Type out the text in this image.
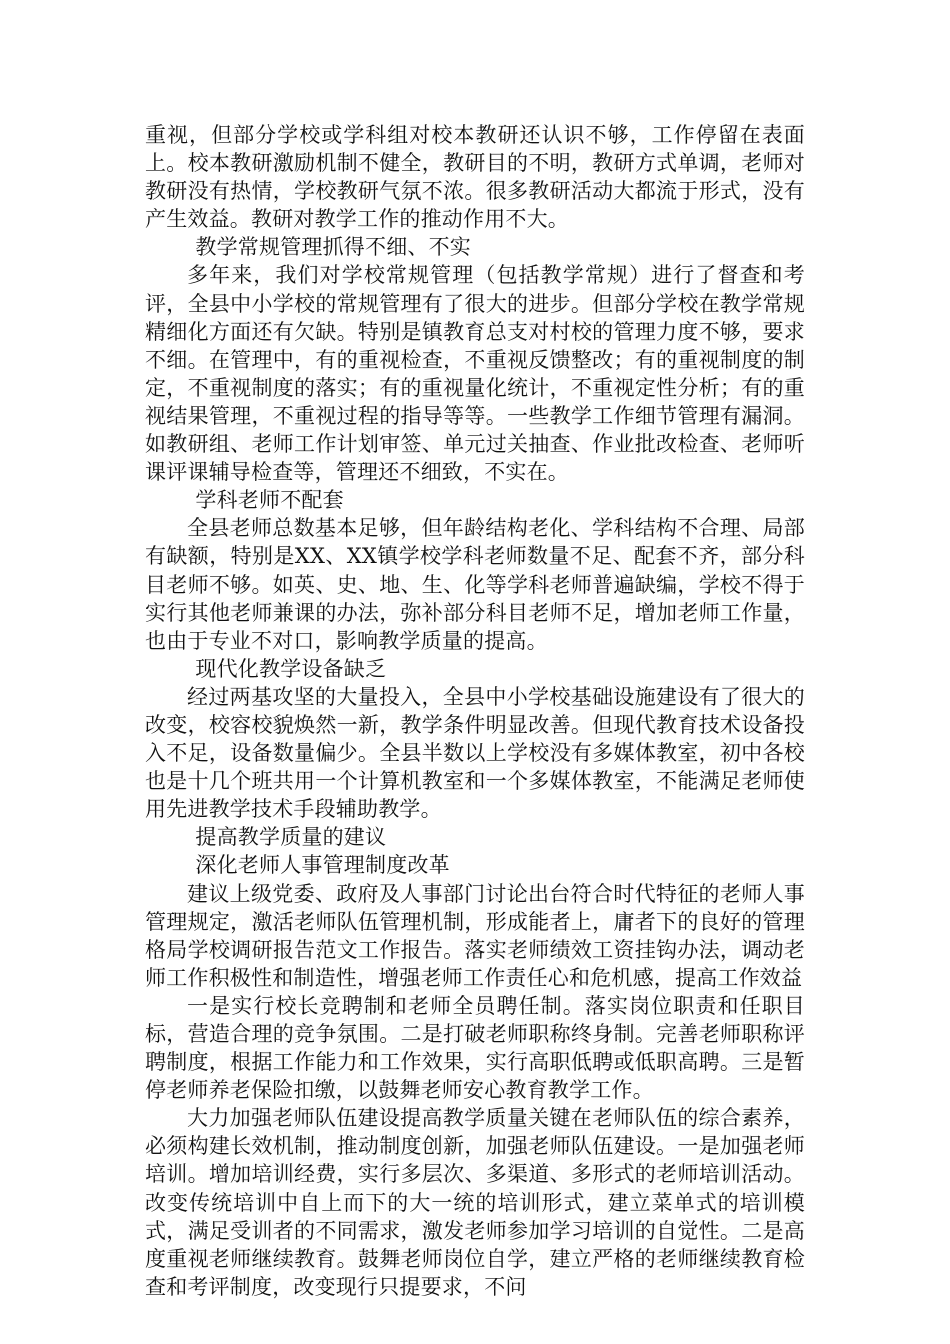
重视，但部分学校或学科组对校本教研还认识不够，工作停留在表面上。校本教研激励机制不健全，教研目的不明，教研方式单调，老师对教研没有热情，学校教研气氛不浓。很多教研活动大都流于形式，没有产生效益。教研对教学工作的推动作用不大。

教学常规管理抓得不细、不实

多年来，我们对学校常规管理（包括教学常规）进行了督查和考评，全县中小学校的常规管理有了很大的进步。但部分学校在教学常规精细化方面还有欠缺。特别是镇教育总支对村校的管理力度不够，要求不细。在管理中，有的重视检查，不重视反馈整改；有的重视制度的制定，不重视制度的落实；有的重视量化统计，不重视定性分析；有的重视结果管理，不重视过程的指导等等。一些教学工作细节管理有漏洞。如教研组、老师工作计划审签、单元过关抽查、作业批改检查、老师听课评课辅导检查等，管理还不细致，不实在。

学科老师不配套

全县老师总数基本足够，但年龄结构老化、学科结构不合理、局部有缺额，特别是XX、XX镇学校学科老师数量不足、配套不齐，部分科目老师不够。如英、史、地、生、化等学科老师普遍缺编，学校不得于实行其他老师兼课的办法，弥补部分科目老师不足，增加老师工作量，也由于专业不对口，影响教学质量的提高。

现代化教学设备缺乏

经过两基攻坚的大量投入，全县中小学校基础设施建设有了很大的改变，校容校貌焕然一新，教学条件明显改善。但现代教育技术设备投入不足，设备数量偏少。全县半数以上学校没有多媒体教室，初中各校也是十几个班共用一个计算机教室和一个多媒体教室，不能满足老师使用先进教学技术手段辅助教学。

提高教学质量的建议

深化老师人事管理制度改革

建议上级党委、政府及人事部门讨论出台符合时代特征的老师人事管理规定，激活老师队伍管理机制，形成能者上，庸者下的良好的管理格局学校调研报告范文工作报告。落实老师绩效工资挂钩办法，调动老师工作积极性和制造性，增强老师工作责任心和危机感，提高工作效益

一是实行校长竞聘制和老师全员聘任制。落实岗位职责和任职目标，营造合理的竞争氛围。二是打破老师职称终身制。完善老师职称评聘制度，根据工作能力和工作效果，实行高职低聘或低职高聘。三是暂停老师养老保险扣缴，以鼓舞老师安心教育教学工作。

大力加强老师队伍建设提高教学质量关键在老师队伍的综合素养，必须构建长效机制，推动制度创新，加强老师队伍建设。一是加强老师培训。增加培训经费，实行多层次、多渠道、多形式的老师培训活动。改变传统培训中自上而下的大一统的培训形式，建立菜单式的培训模式，满足受训者的不同需求，激发老师参加学习培训的自觉性。二是高度重视老师继续教育。鼓舞老师岗位自学，建立严格的老师继续教育检查和考评制度，改变现行只提要求，不问
